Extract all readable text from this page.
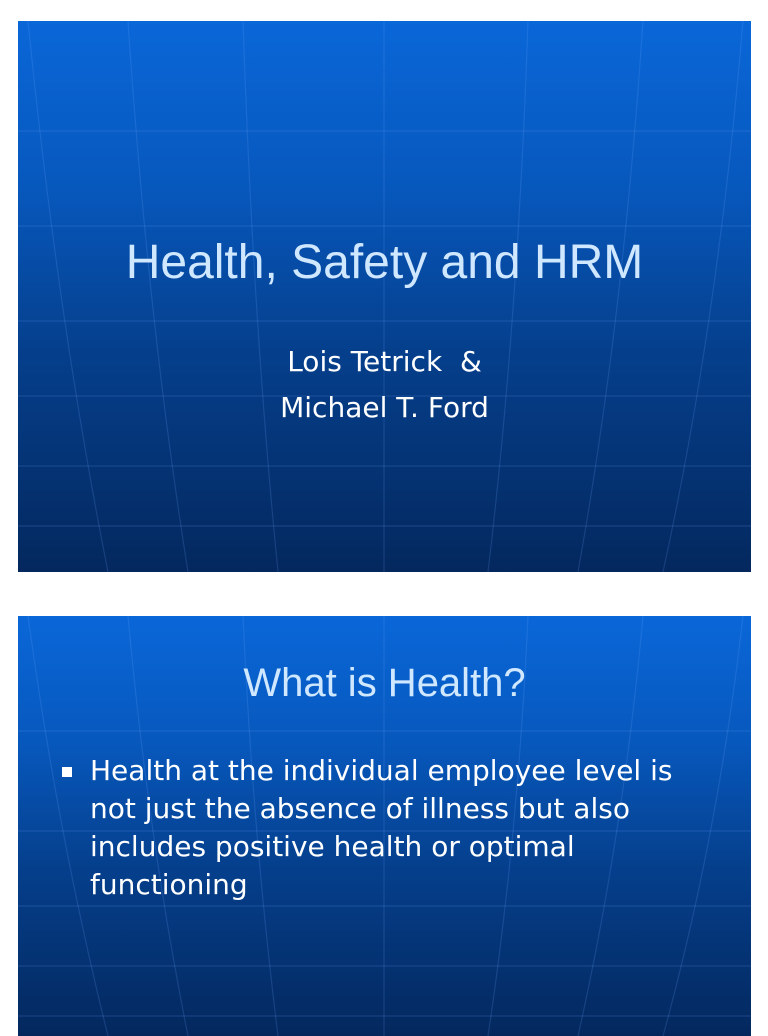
Health, Safety and HRM
Lois Tetrick  &
Michael T. Ford
What is Health?
Health at the individual employee level is not just the absence of illness but also includes positive health or optimal functioning
